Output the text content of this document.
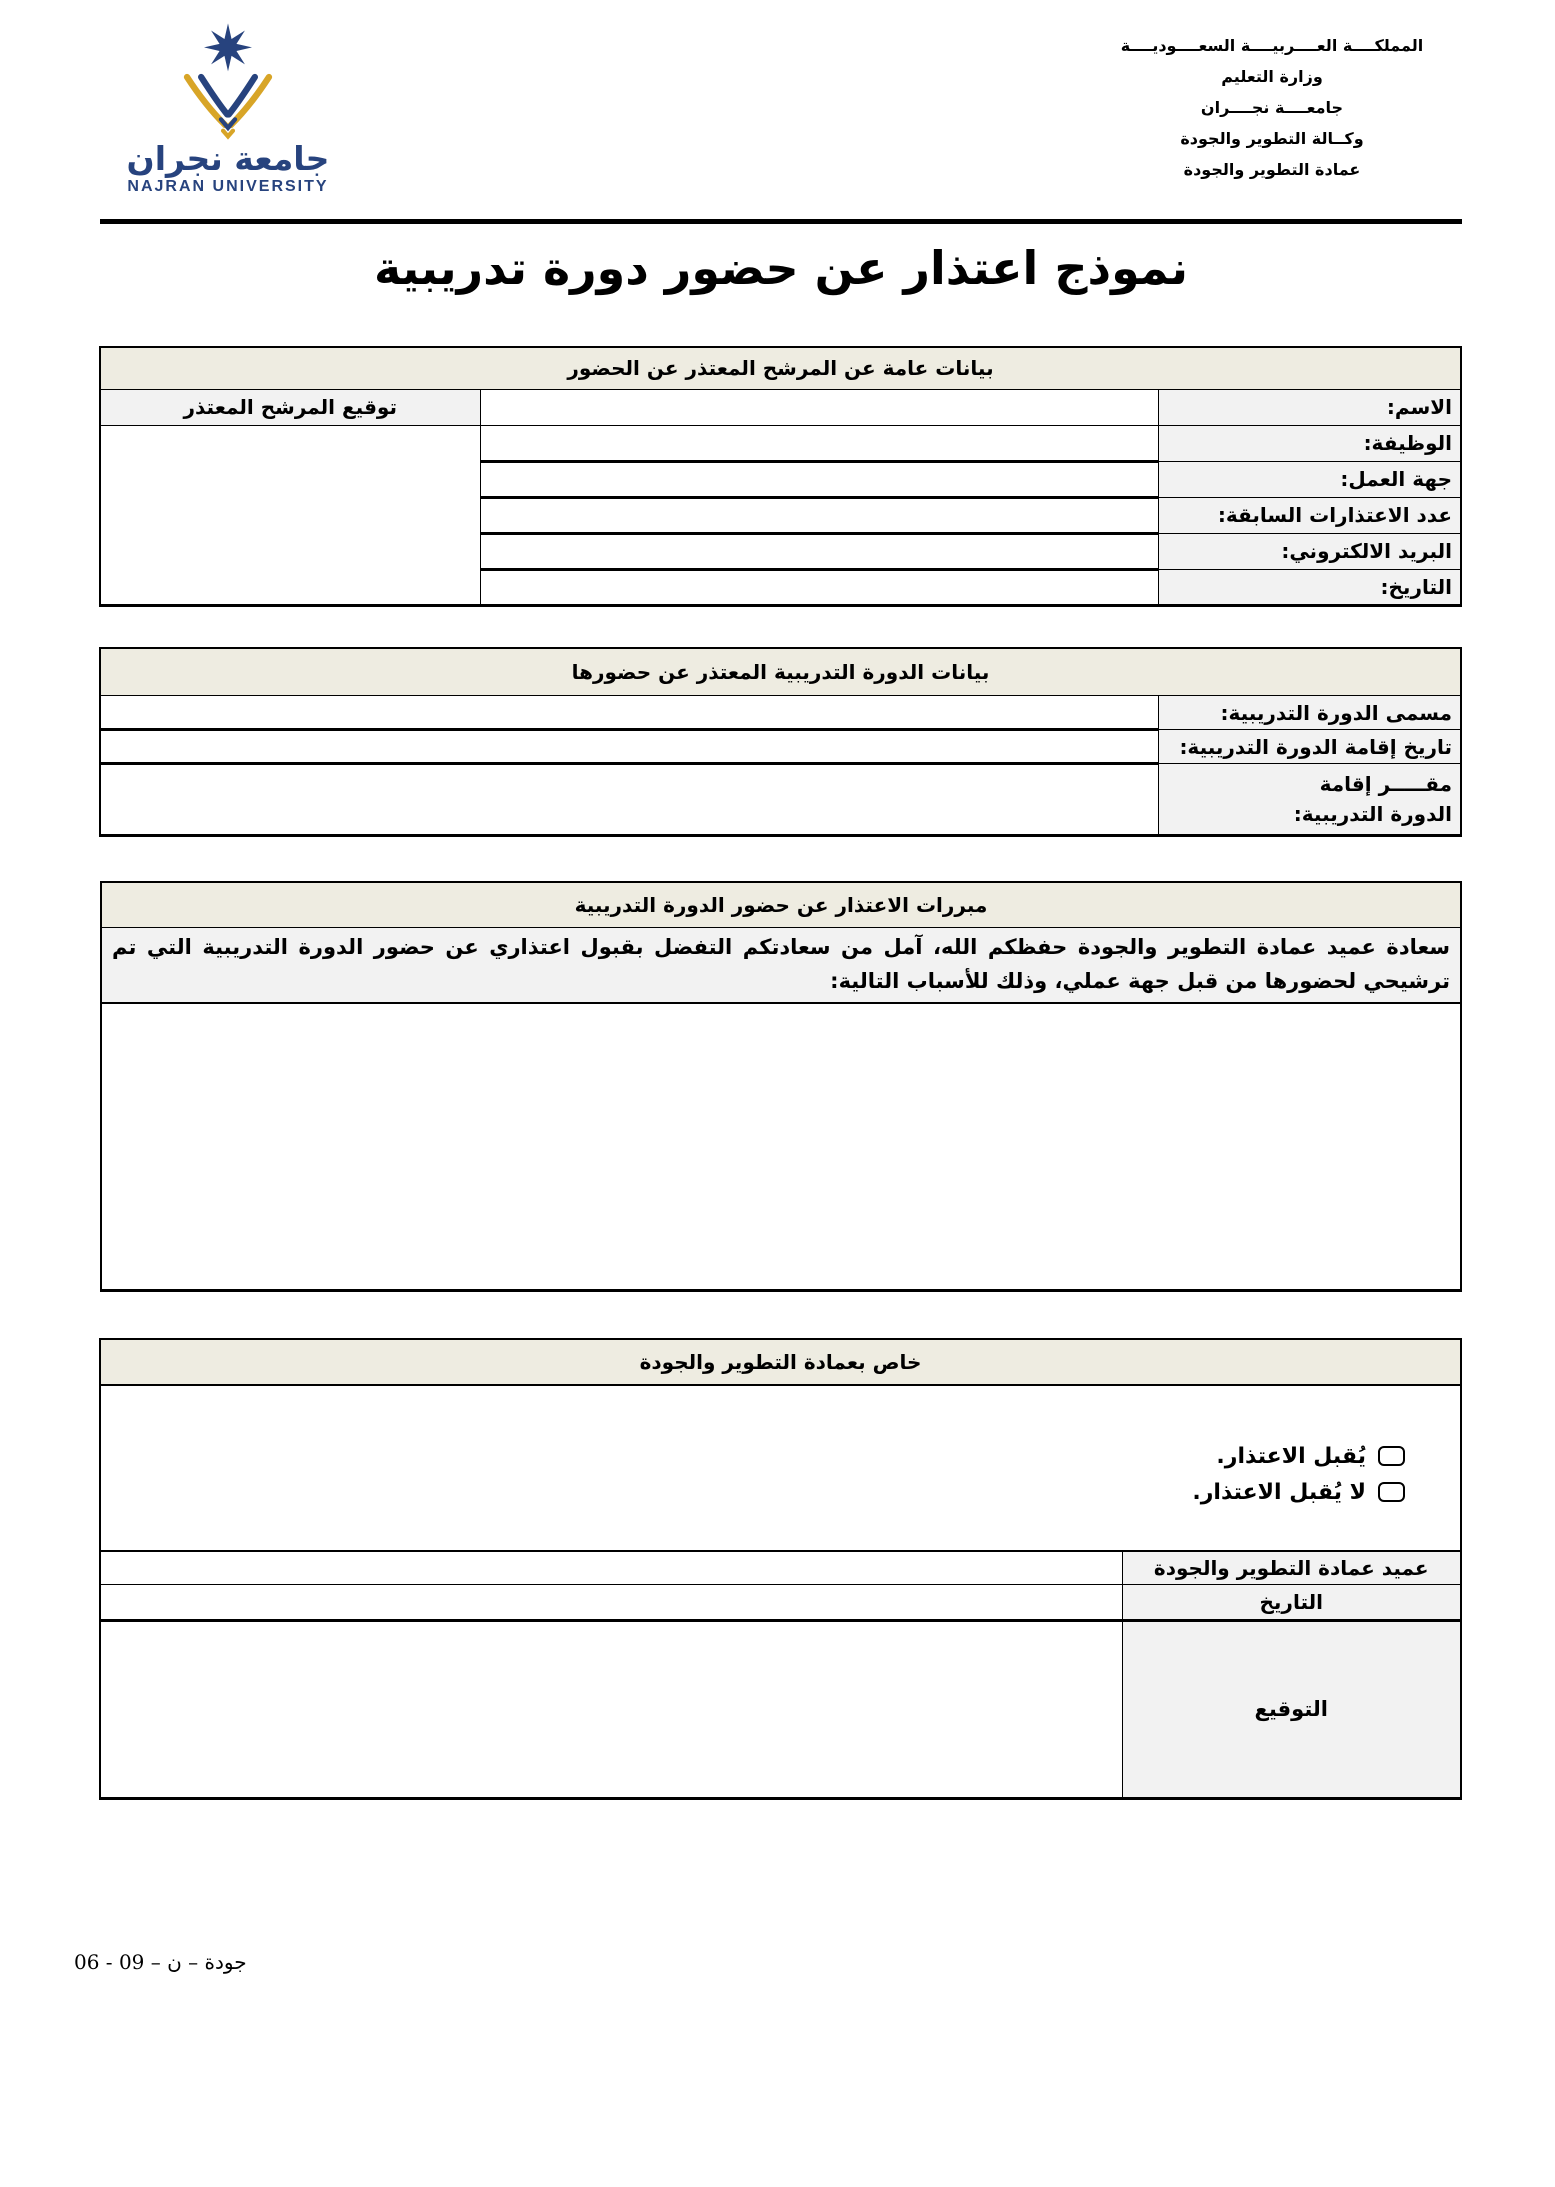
جامعة نجران
NAJRAN UNIVERSITY
المملكــــة العــــربيــــة السعــــوديــــة
وزارة التعليم
جامعــــة نجــــران
وكــالة التطوير والجودة
عمادة التطوير والجودة
نموذج اعتذار عن حضور دورة تدريبية
بيانات عامة عن المرشح المعتذر عن الحضور		
الاسم:		توقيع المرشح المعتذر
الوظيفة:		
جهة العمل:		
عدد الاعتذارات السابقة:		
البريد الالكتروني:		
التاريخ:		
بيانات الدورة التدريبية المعتذر عن حضورها	
مسمى الدورة التدريبية:	
تاريخ إقامة الدورة التدريبية:	

مقـــــر إقامة الدورة التدريبية:	

مبررات الاعتذار عن حضور الدورة التدريبية
سعادة عميد عمادة التطوير والجودة حفظكم الله، آمل من سعادتكم التفضل بقبول اعتذاري عن حضور الدورة التدريبية التي تم ترشيحي لحضورها من قبل جهة عملي، وذلك للأسباب التالية:

خاص بعمادة التطوير والجودة	

يُقبل الاعتذار.
لا يُقبل الاعتذار.	

عميد عمادة التطوير والجودة	
التاريخ	
التوقيع	
جودة – ن – 09 - 06
